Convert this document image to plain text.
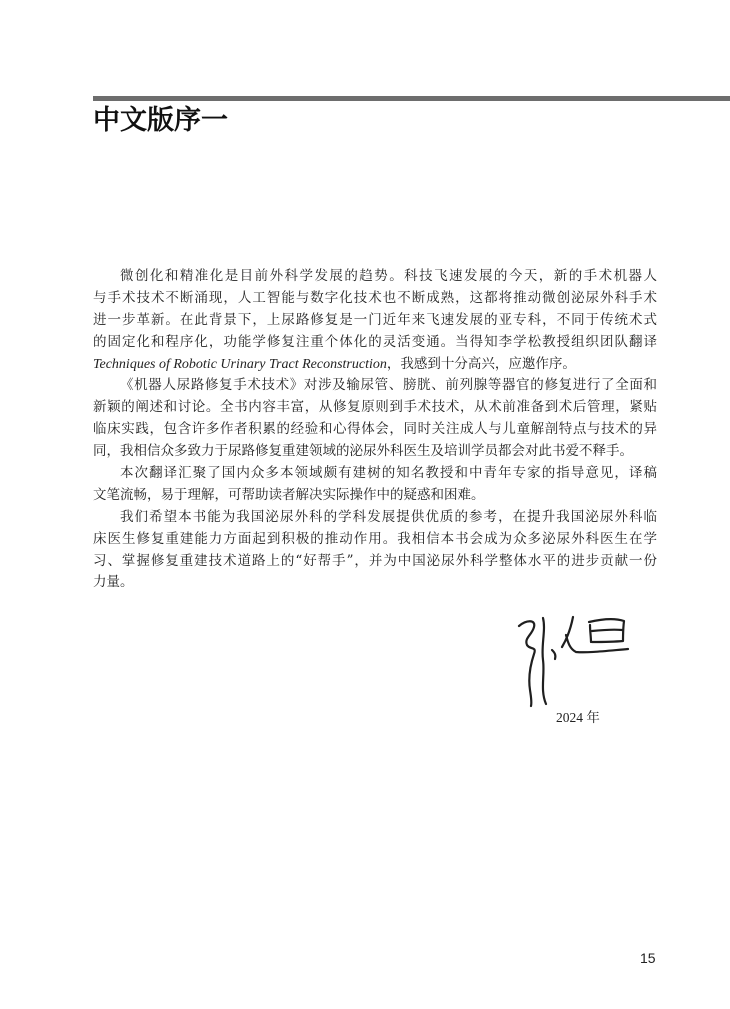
中文版序一
微创化和精准化是目前外科学发展的趋势。科技飞速发展的今天，新的手术机器人
与手术技术不断涌现，人工智能与数字化技术也不断成熟，这都将推动微创泌尿外科手术
进一步革新。在此背景下，上尿路修复是一门近年来飞速发展的亚专科，不同于传统术式
的固定化和程序化，功能学修复注重个体化的灵活变通。当得知李学松教授组织团队翻译
Techniques of Robotic Urinary Tract Reconstruction，我感到十分高兴，应邀作序。
《机器人尿路修复手术技术》对涉及输尿管、膀胱、前列腺等器官的修复进行了全面和
新颖的阐述和讨论。全书内容丰富，从修复原则到手术技术，从术前准备到术后管理，紧贴
临床实践，包含许多作者积累的经验和心得体会，同时关注成人与儿童解剖特点与技术的异
同，我相信众多致力于尿路修复重建领域的泌尿外科医生及培训学员都会对此书爱不释手。
本次翻译汇聚了国内众多本领域颇有建树的知名教授和中青年专家的指导意见，译稿
文笔流畅，易于理解，可帮助读者解决实际操作中的疑惑和困难。
我们希望本书能为我国泌尿外科的学科发展提供优质的参考，在提升我国泌尿外科临
床医生修复重建能力方面起到积极的推动作用。我相信本书会成为众多泌尿外科医生在学
习、掌握修复重建技术道路上的“好帮手”，并为中国泌尿外科学整体水平的进步贡献一份
力量。
2024 年
15
